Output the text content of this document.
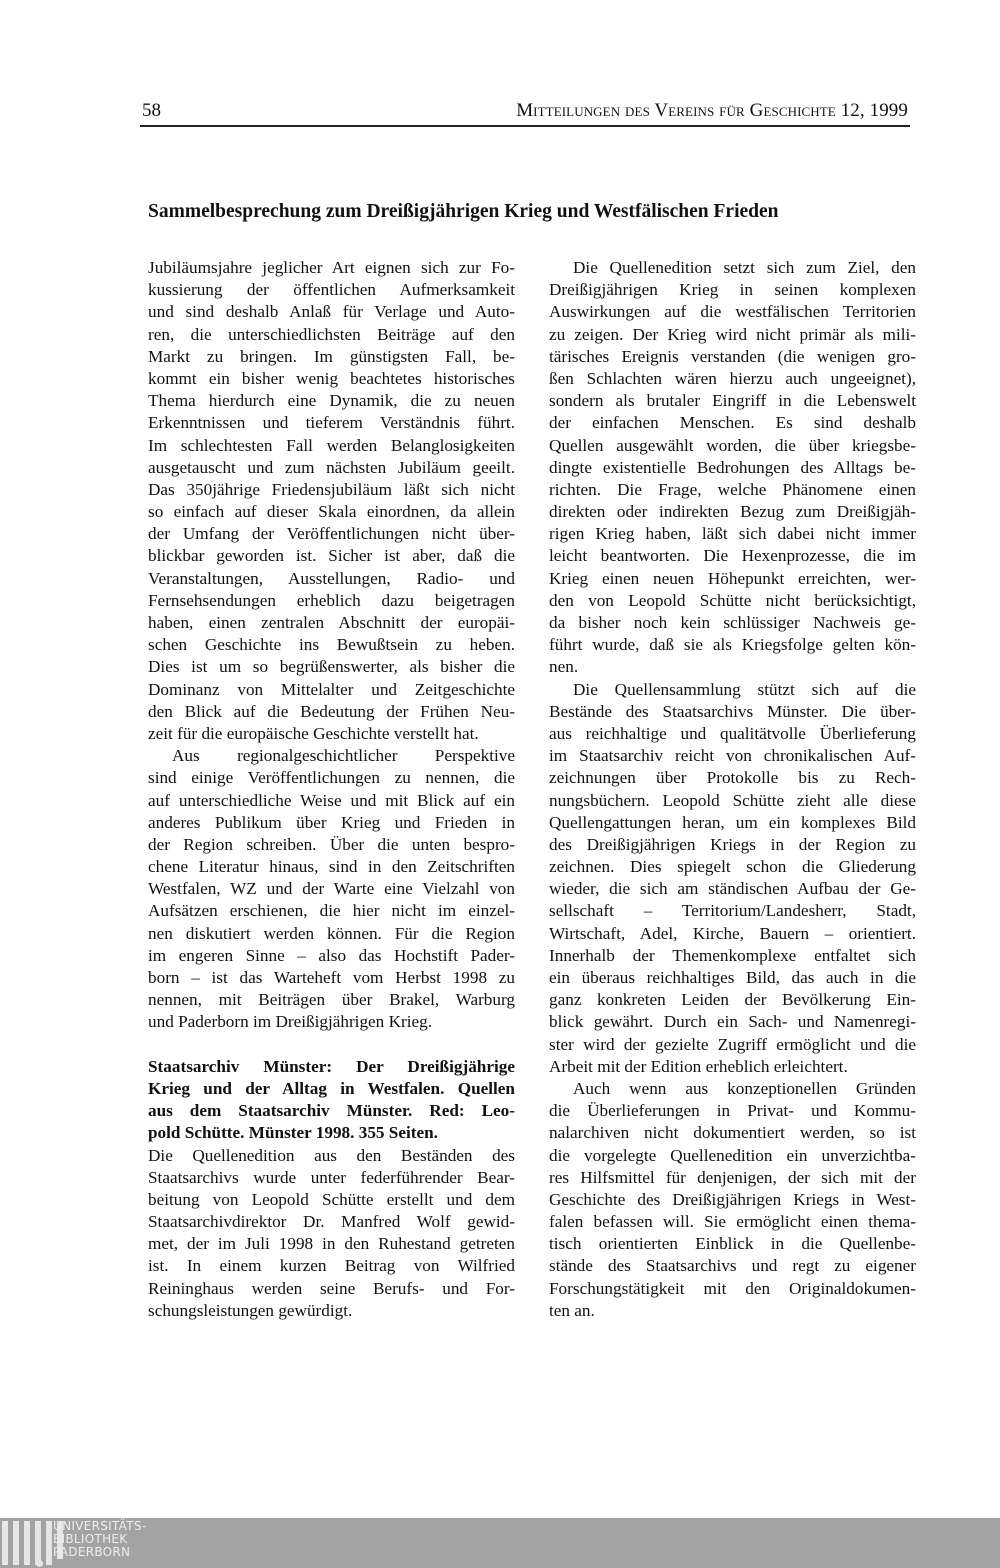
58	Mitteilungen des Vereins für Geschichte 12, 1999
Sammelbesprechung zum Dreißigjährigen Krieg und Westfälischen Frieden
Jubiläumsjahre jeglicher Art eignen sich zur Fo-
kussierung der öffentlichen Aufmerksamkeit
und sind deshalb Anlaß für Verlage und Auto-
ren, die unterschiedlichsten Beiträge auf den
Markt zu bringen. Im günstigsten Fall, be-
kommt ein bisher wenig beachtetes historisches
Thema hierdurch eine Dynamik, die zu neuen
Erkenntnissen und tieferem Verständnis führt.
Im schlechtesten Fall werden Belanglosigkeiten
ausgetauscht und zum nächsten Jubiläum geeilt.
Das 350jährige Friedensjubiläum läßt sich nicht
so einfach auf dieser Skala einordnen, da allein
der Umfang der Veröffentlichungen nicht über-
blickbar geworden ist. Sicher ist aber, daß die
Veranstaltungen, Ausstellungen, Radio- und
Fernsehsendungen erheblich dazu beigetragen
haben, einen zentralen Abschnitt der europäi-
schen Geschichte ins Bewußtsein zu heben.
Dies ist um so begrüßenswerter, als bisher die
Dominanz von Mittelalter und Zeitgeschichte
den Blick auf die Bedeutung der Frühen Neu-
zeit für die europäische Geschichte verstellt hat.
Aus regionalgeschichtlicher Perspektive
sind einige Veröffentlichungen zu nennen, die
auf unterschiedliche Weise und mit Blick auf ein
anderes Publikum über Krieg und Frieden in
der Region schreiben. Über die unten bespro-
chene Literatur hinaus, sind in den Zeitschriften
Westfalen, WZ und der Warte eine Vielzahl von
Aufsätzen erschienen, die hier nicht im einzel-
nen diskutiert werden können. Für die Region
im engeren Sinne – also das Hochstift Pader-
born – ist das Warteheft vom Herbst 1998 zu
nennen, mit Beiträgen über Brakel, Warburg
und Paderborn im Dreißigjährigen Krieg.
Staatsarchiv Münster: Der Dreißigjährige
Krieg und der Alltag in Westfalen. Quellen
aus dem Staatsarchiv Münster. Red: Leo-
pold Schütte. Münster 1998. 355 Seiten.
Die Quellenedition aus den Beständen des
Staatsarchivs wurde unter federführender Bear-
beitung von Leopold Schütte erstellt und dem
Staatsarchivdirektor Dr. Manfred Wolf gewid-
met, der im Juli 1998 in den Ruhestand getreten
ist. In einem kurzen Beitrag von Wilfried
Reininghaus werden seine Berufs- und For-
schungsleistungen gewürdigt.
Die Quellenedition setzt sich zum Ziel, den
Dreißigjährigen Krieg in seinen komplexen
Auswirkungen auf die westfälischen Territorien
zu zeigen. Der Krieg wird nicht primär als mili-
tärisches Ereignis verstanden (die wenigen gro-
ßen Schlachten wären hierzu auch ungeeignet),
sondern als brutaler Eingriff in die Lebenswelt
der einfachen Menschen. Es sind deshalb
Quellen ausgewählt worden, die über kriegsbe-
dingte existentielle Bedrohungen des Alltags be-
richten. Die Frage, welche Phänomene einen
direkten oder indirekten Bezug zum Dreißigjäh-
rigen Krieg haben, läßt sich dabei nicht immer
leicht beantworten. Die Hexenprozesse, die im
Krieg einen neuen Höhepunkt erreichten, wer-
den von Leopold Schütte nicht berücksichtigt,
da bisher noch kein schlüssiger Nachweis ge-
führt wurde, daß sie als Kriegsfolge gelten kön-
nen.
Die Quellensammlung stützt sich auf die
Bestände des Staatsarchivs Münster. Die über-
aus reichhaltige und qualitätvolle Überlieferung
im Staatsarchiv reicht von chronikalischen Auf-
zeichnungen über Protokolle bis zu Rech-
nungsbüchern. Leopold Schütte zieht alle diese
Quellengattungen heran, um ein komplexes Bild
des Dreißigjährigen Kriegs in der Region zu
zeichnen. Dies spiegelt schon die Gliederung
wieder, die sich am ständischen Aufbau der Ge-
sellschaft – Territorium/Landesherr, Stadt,
Wirtschaft, Adel, Kirche, Bauern – orientiert.
Innerhalb der Themenkomplexe entfaltet sich
ein überaus reichhaltiges Bild, das auch in die
ganz konkreten Leiden der Bevölkerung Ein-
blick gewährt. Durch ein Sach- und Namenregi-
ster wird der gezielte Zugriff ermöglicht und die
Arbeit mit der Edition erheblich erleichtert.
Auch wenn aus konzeptionellen Gründen
die Überlieferungen in Privat- und Kommu-
nalarchiven nicht dokumentiert werden, so ist
die vorgelegte Quellenedition ein unverzichtba-
res Hilfsmittel für denjenigen, der sich mit der
Geschichte des Dreißigjährigen Kriegs in West-
falen befassen will. Sie ermöglicht einen thema-
tisch orientierten Einblick in die Quellenbe-
stände des Staatsarchivs und regt zu eigener
Forschungstätigkeit mit den Originaldokumen-
ten an.
UNIVERSITÄTS-
BIBLIOTHEK
PADERBORN
